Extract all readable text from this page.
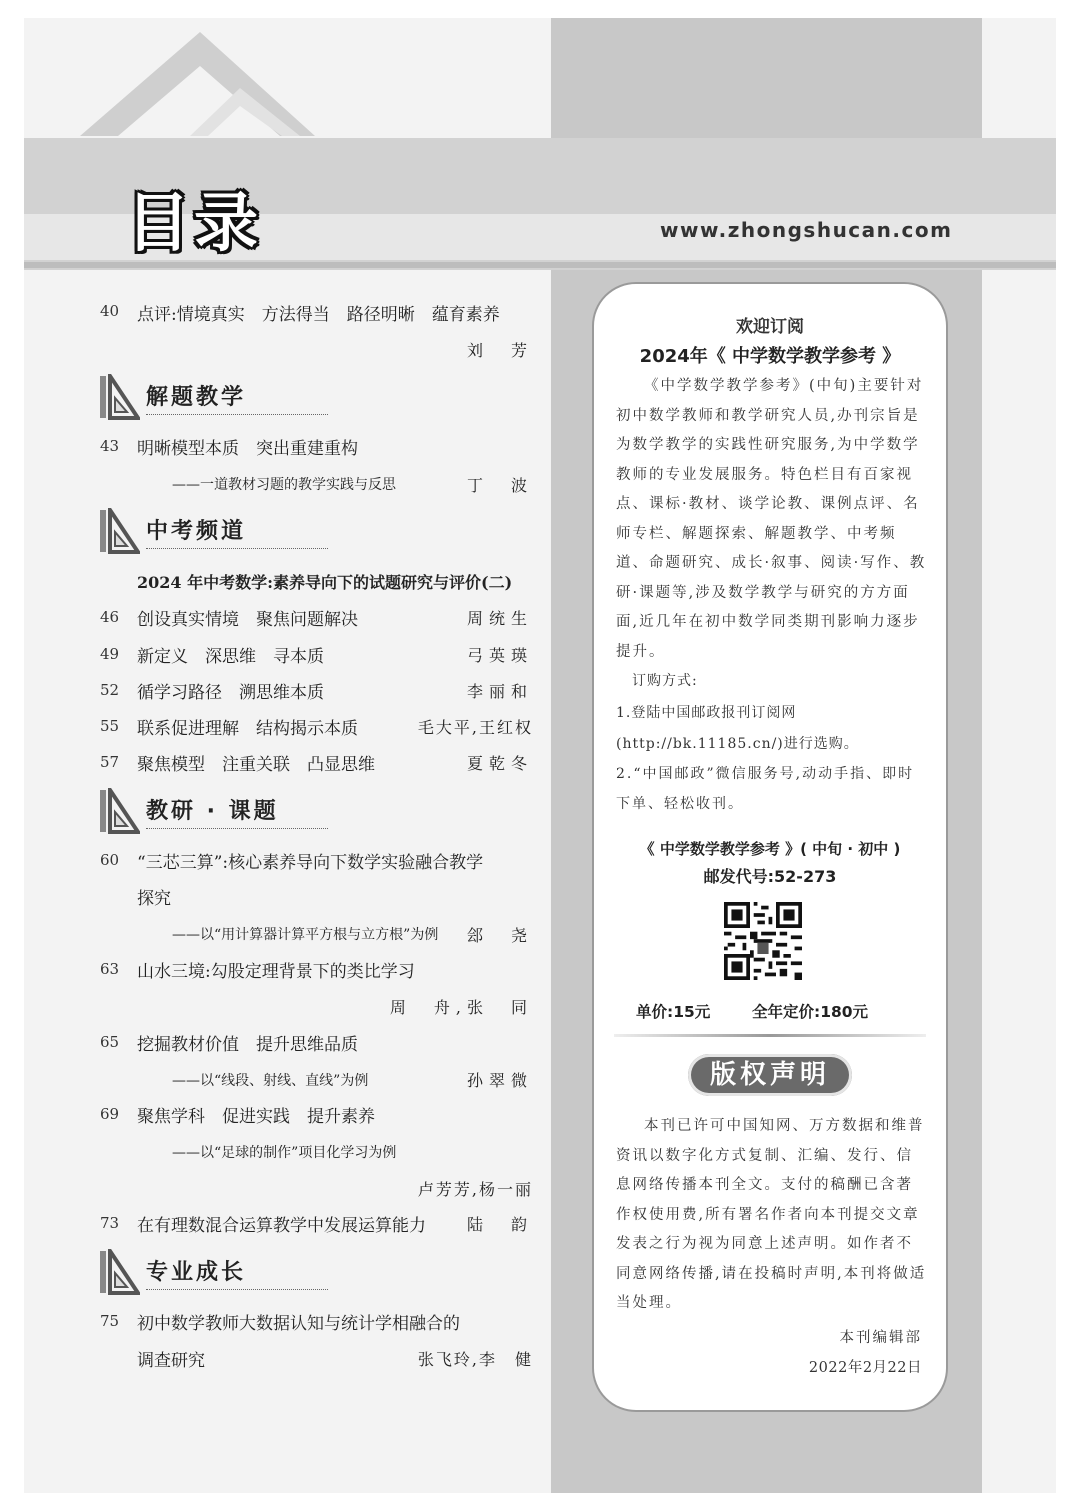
目录	www.zhongshucan.com
40	点评:情境真实　方法得当　路径明晰　蕴育素养
刘　芳
解题教学
43	明晰模型本质　突出重建重构
——一道教材习题的教学实践与反思	丁　波
中考频道
2024 年中考数学:素养导向下的试题研究与评价(二)
46	创设真实情境　聚焦问题解决	周统生
49	新定义　深思维　寻本质	弓英瑛
52	循学习路径　溯思维本质	李丽和
55	联系促进理解　结构揭示本质	毛大平,王红权
57	聚焦模型　注重关联　凸显思维	夏乾冬
教研 · 课题
60	“三芯三算”:核心素养导向下数学实验融合教学
探究
——以“用计算器计算平方根与立方根”为例 郐　尧
63	山水三境:勾股定理背景下的类比学习
周　舟,张　同
65	挖掘教材价值　提升思维品质
——以“线段、射线、直线”为例	孙翠微
69	聚焦学科　促进实践　提升素养
——以“足球的制作”项目化学习为例
卢芳芳,杨一丽
73	在有理数混合运算教学中发展运算能力	陆　韵
专业成长
75	初中数学教师大数据认知与统计学相融合的
调查研究	张飞玲,李　健
欢迎订阅
2024年《 中学数学教学参考 》
《中学数学教学参考》(中旬)主要针对初中数学教师和教学研究人员,办刊宗旨是为数学教学的实践性研究服务,为中学数学教师的专业发展服务。特色栏目有百家视点、课标·教材、谈学论教、课例点评、名师专栏、解题探索、解题教学、中考频道、命题研究、成长·叙事、阅读·写作、教研·课题等,涉及数学教学与研究的方方面面,近几年在初中数学同类期刊影响力逐步提升。
订购方式:
1.登陆中国邮政报刊订阅网
(http://bk.11185.cn/)进行选购。
2.“中国邮政”微信服务号,动动手指、即时下单、轻松收刊。
《 中学数学教学参考 》( 中旬 · 初中 )
邮发代号:52-273
单价:15元	全年定价:180元
版权声明
本刊已许可中国知网、万方数据和维普资讯以数字化方式复制、汇编、发行、信息网络传播本刊全文。支付的稿酬已含著作权使用费,所有署名作者向本刊提交文章发表之行为视为同意上述声明。如作者不同意网络传播,请在投稿时声明,本刊将做适当处理。
本刊编辑部
2022年2月22日
